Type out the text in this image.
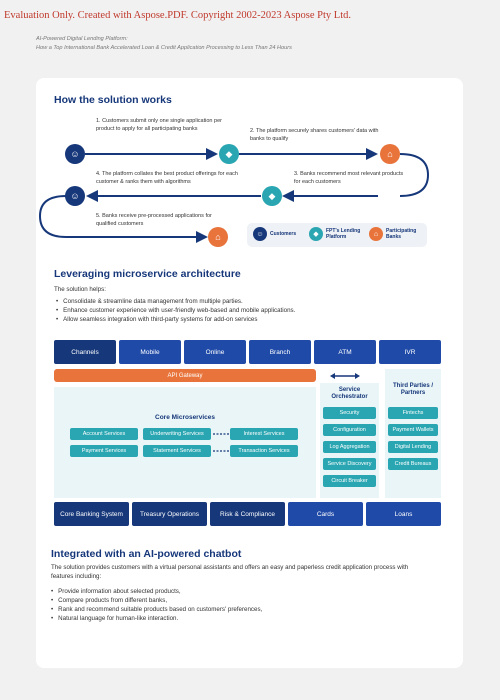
Evaluation Only. Created with Aspose.PDF. Copyright 2002-2023 Aspose Pty Ltd.
AI-Powered Digital Lending Platform:
How a Top International Bank Accelerated Loan & Credit Application Processing to Less Than 24 Hours
How the solution works
1. Customers submit only one single application per product to apply for all participating banks	2. The platform securely shares customers' data with banks to qualify
3. Banks recommend most relevant products for each customers
4. The platform collates the best product offerings for each customer & ranks them with algorithms
5. Banks receive pre-processed applications for qualified customers
☺	◆	⌂
◆
☺
⌂	☺	Customers	◆	FPT's Lending Platform	⌂	Participating Banks
Leveraging microservice architecture
The solution helps:
• Consolidate & streamline data management from multiple parties.
• Enhance customer experience with user-friendly web-based and mobile applications.
• Allow seamless integration with third-party systems for add-on services
Channels	Mobile	Online	Branch	ATM	IVR
API Gateway
Core Microservices
Account Services	Underwriting Services	Interest Services
Payment Services	Statement Services	Transaction Services
Service Orchestrator
Security
Configuration
Log Aggregation
Service Discovery
Circuit Breaker
Third Parties / Partners
Fintechs
Payment Wallets
Digital Lending
Credit Bureaus
Core Banking System	Treasury Operations	Risk & Compliance	Cards	Loans
Integrated with an AI-powered chatbot
The solution provides customers with a virtual personal assistants and offers an easy and paperless credit application process with features including:
• Provide information about selected products,
• Compare products from different banks,
• Rank and recommend suitable products based on customers' preferences,
• Natural language for human-like interaction.
